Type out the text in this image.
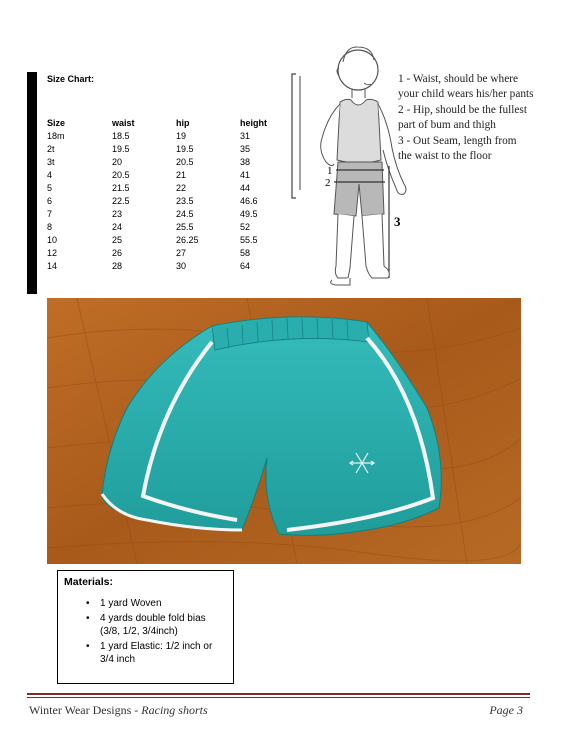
Size Chart:
Size	waist	hip	height
18m	18.5	19	31
2t	19.5	19.5	35
3t	20	20.5	38
4	20.5	21	41
5	21.5	22	44
6	22.5	23.5	46.6
7	23	24.5	49.5
8	24	25.5	52
10	25	26.25	55.5
12	26	27	58
14	28	30	64
1
2
3
1 - Waist, should be where
your child wears his/her pants
2 - Hip, should be the fullest
part of bum and thigh
3 - Out Seam, length from
the waist to the floor
Materials:
• 1 yard Woven
• 4 yards double fold bias (3/8, 1/2, 3/4inch)
• 1 yard Elastic: 1/2 inch or 3/4 inch
Winter Wear Designs - Racing shorts	Page 3
